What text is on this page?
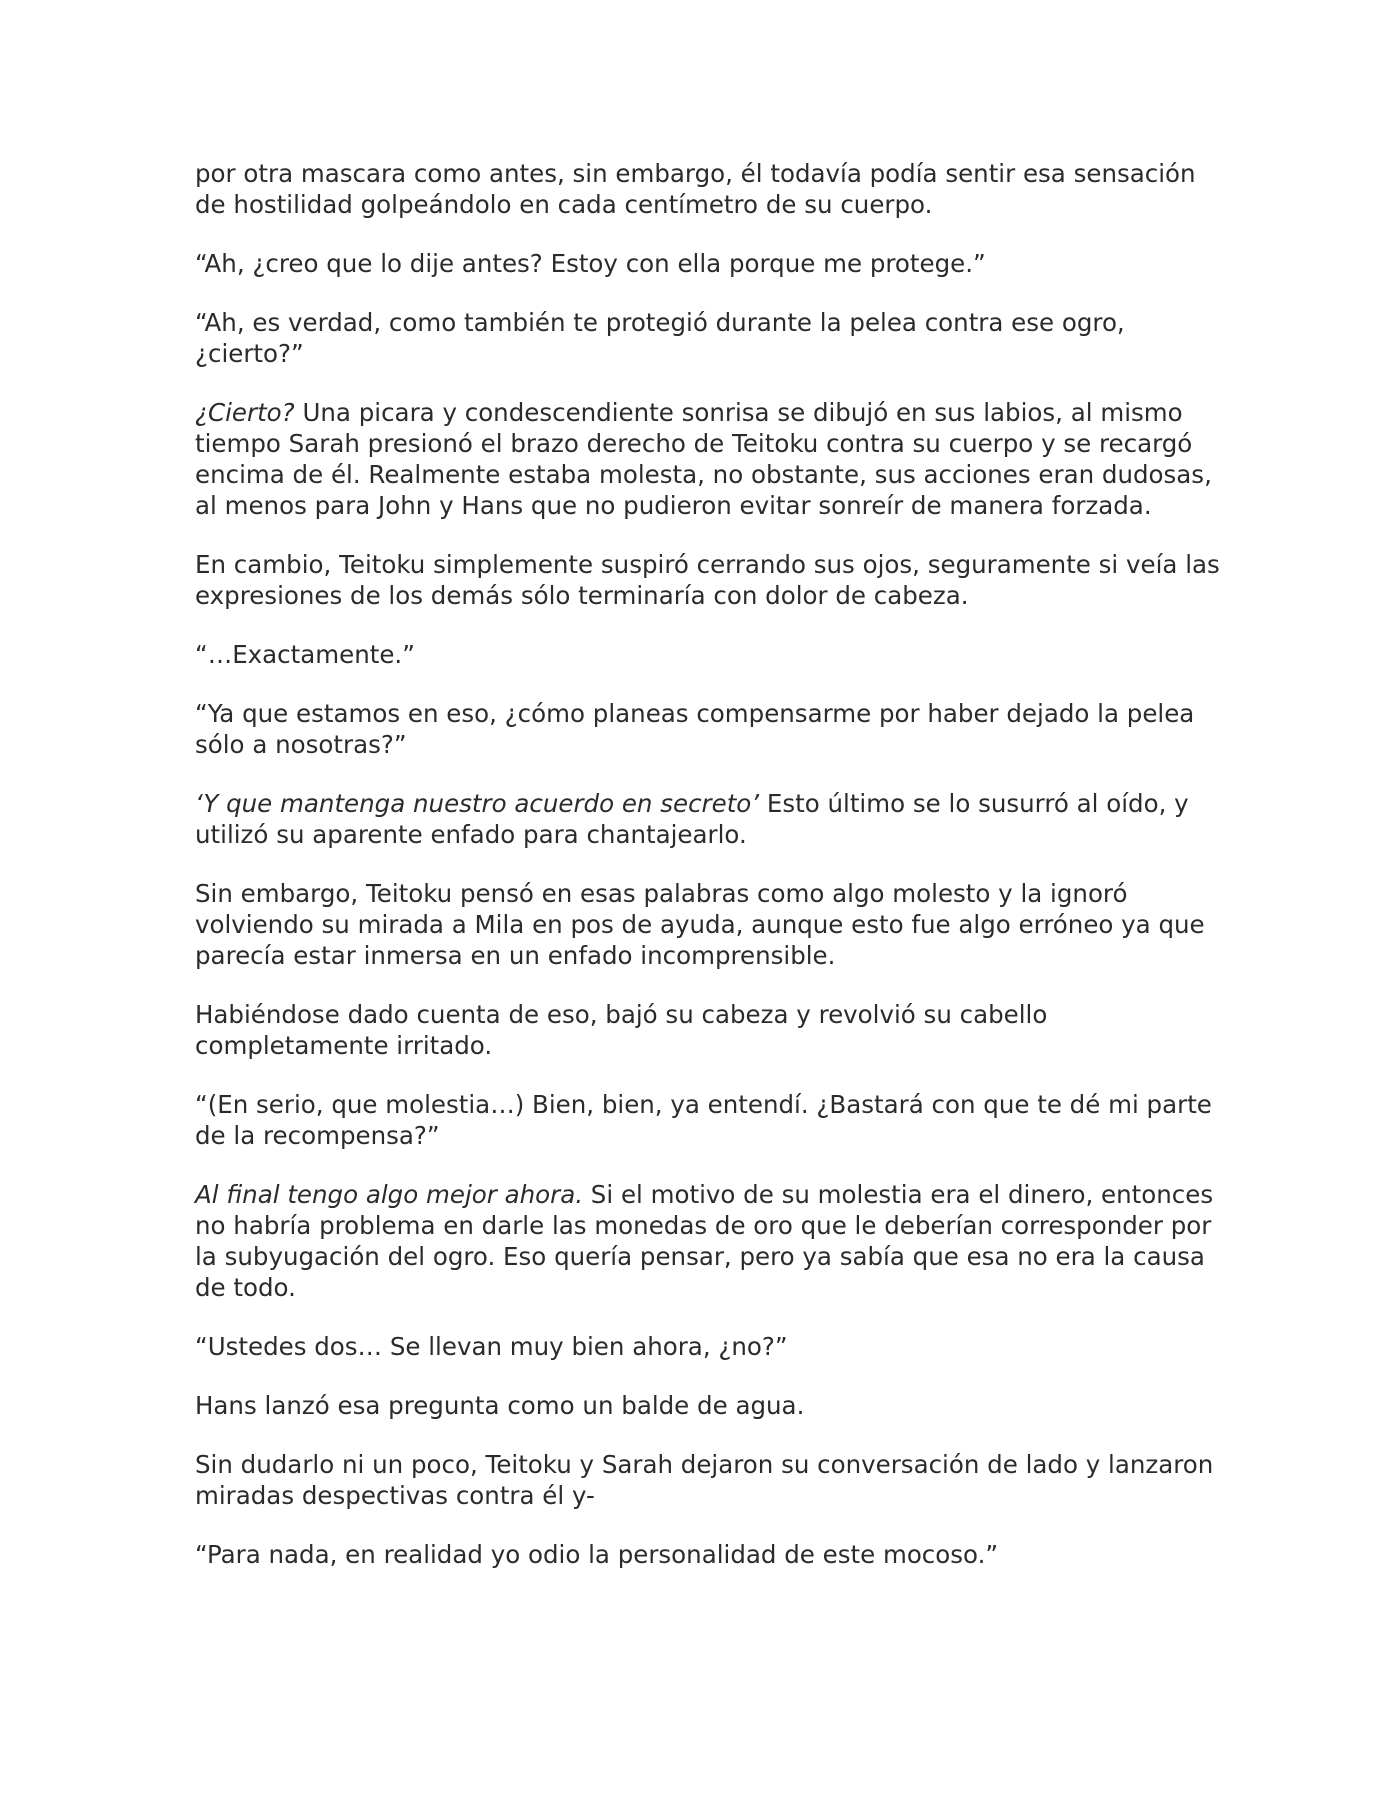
por otra mascara como antes, sin embargo, él todavía podía sentir esa sensación de hostilidad golpeándolo en cada centímetro de su cuerpo.

“Ah, ¿creo que lo dije antes? Estoy con ella porque me protege.”

“Ah, es verdad, como también te protegió durante la pelea contra ese ogro, ¿cierto?”

¿Cierto? Una picara y condescendiente sonrisa se dibujó en sus labios, al mismo tiempo Sarah presionó el brazo derecho de Teitoku contra su cuerpo y se recargó encima de él. Realmente estaba molesta, no obstante, sus acciones eran dudosas, al menos para John y Hans que no pudieron evitar sonreír de manera forzada.

En cambio, Teitoku simplemente suspiró cerrando sus ojos, seguramente si veía las expresiones de los demás sólo terminaría con dolor de cabeza.

“…Exactamente.”

“Ya que estamos en eso, ¿cómo planeas compensarme por haber dejado la pelea sólo a nosotras?”

‘Y que mantenga nuestro acuerdo en secreto’ Esto último se lo susurró al oído, y utilizó su aparente enfado para chantajearlo.

Sin embargo, Teitoku pensó en esas palabras como algo molesto y la ignoró volviendo su mirada a Mila en pos de ayuda, aunque esto fue algo erróneo ya que parecía estar inmersa en un enfado incomprensible.

Habiéndose dado cuenta de eso, bajó su cabeza y revolvió su cabello completamente irritado.

“(En serio, que molestia…) Bien, bien, ya entendí. ¿Bastará con que te dé mi parte de la recompensa?”

Al final tengo algo mejor ahora. Si el motivo de su molestia era el dinero, entonces no habría problema en darle las monedas de oro que le deberían corresponder por la subyugación del ogro. Eso quería pensar, pero ya sabía que esa no era la causa de todo.

“Ustedes dos… Se llevan muy bien ahora, ¿no?”

Hans lanzó esa pregunta como un balde de agua.

Sin dudarlo ni un poco, Teitoku y Sarah dejaron su conversación de lado y lanzaron miradas despectivas contra él y-

“Para nada, en realidad yo odio la personalidad de este mocoso.”
